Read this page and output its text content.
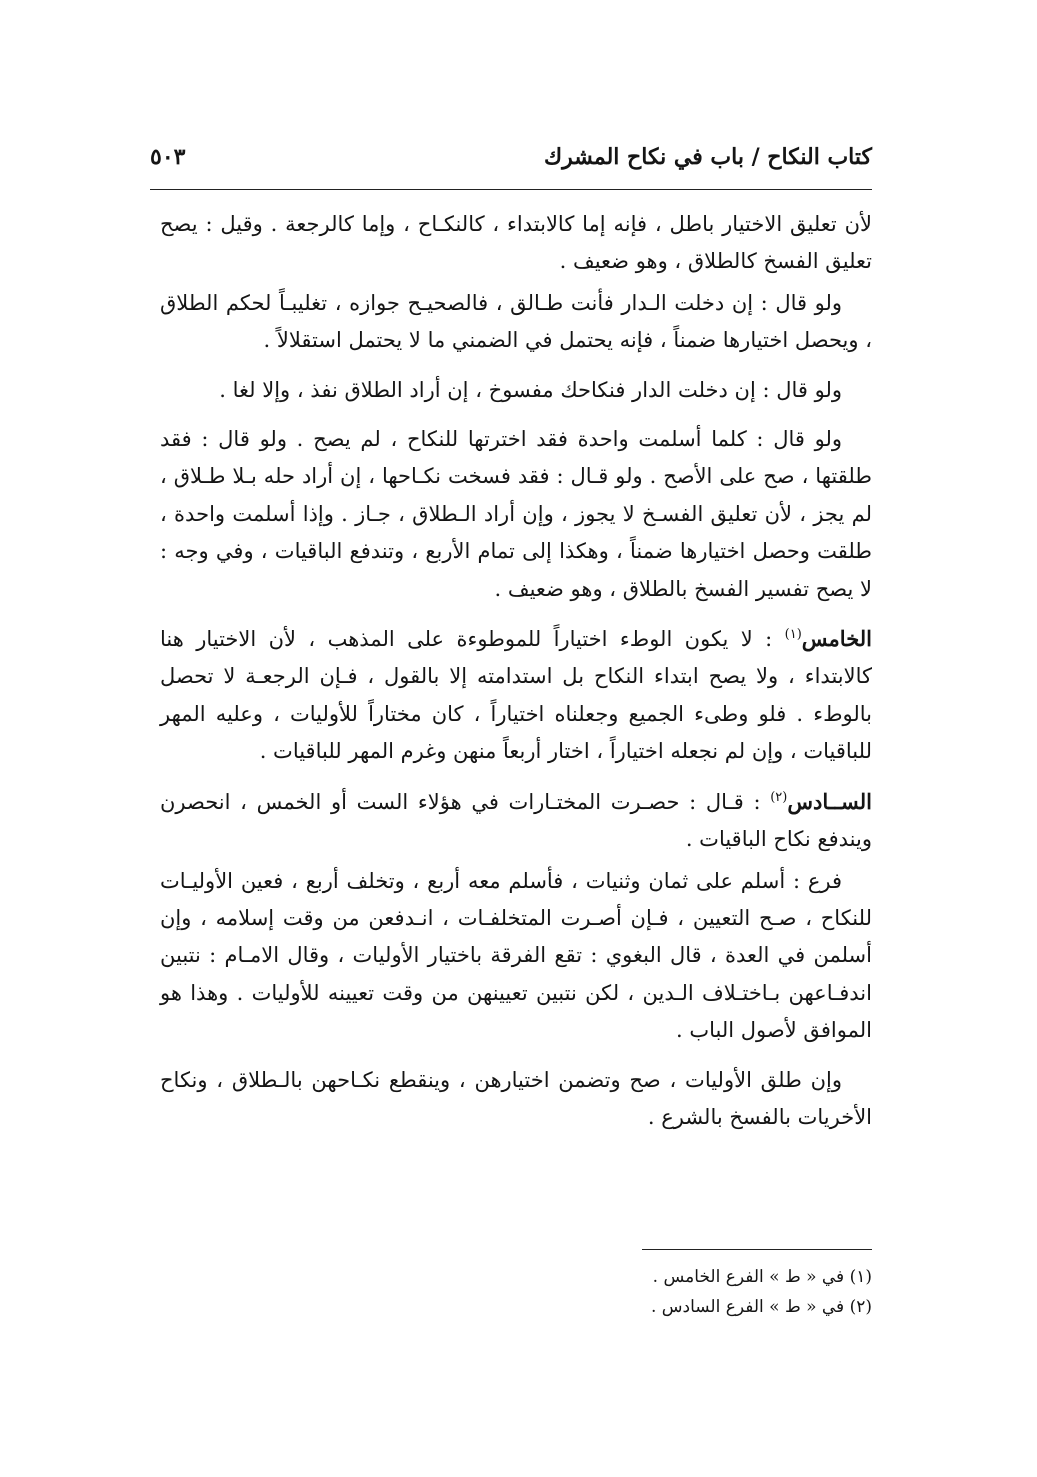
كتاب النكاح / باب في نكاح المشرك
٥٠٣

لأن تعليق الاختيار باطل ، فإنه إما كالابتداء ، كالنكـاح ، وإما كالرجعة . وقيل : يصح تعليق الفسخ كالطلاق ، وهو ضعيف .

ولو قال : إن دخلت الـدار فأنت طـالق ، فالصحيـح جوازه ، تغليبـاً لحكم الطلاق ، ويحصل اختيارها ضمناً ، فإنه يحتمل في الضمني ما لا يحتمل استقلالاً .

ولو قال : إن دخلت الدار فنكاحك مفسوخ ، إن أراد الطلاق نفذ ، وإلا لغا .

ولو قال : كلما أسلمت واحدة فقد اخترتها للنكاح ، لم يصح . ولو قال : فقد طلقتها ، صح على الأصح . ولو قـال : فقد فسخت نكـاحها ، إن أراد حله بـلا طـلاق ، لم يجز ، لأن تعليق الفسـخ لا يجوز ، وإن أراد الـطلاق ، جـاز . وإذا أسلمت واحدة ، طلقت وحصل اختيارها ضمناً ، وهكذا إلى تمام الأربع ، وتندفع الباقيات ، وفي وجه : لا يصح تفسير الفسخ بالطلاق ، وهو ضعيف .

الخامس$^{(١)}$ : لا يكون الوطء اختياراً للموطوءة على المذهب ، لأن الاختيار هنا كالابتداء ، ولا يصح ابتداء النكاح بل استدامته إلا بالقول ، فـإن الرجعـة لا تحصل بالوطء . فلو وطىء الجميع وجعلناه اختياراً ، كان مختاراً للأوليات ، وعليه المهر للباقيات ، وإن لم نجعله اختياراً ، اختار أربعاً منهن وغرم المهر للباقيات .

الســادس$^{(٢)}$ : قـال : حصـرت المختـارات في هؤلاء الست أو الخمس ، انحصرن ويندفع نكاح الباقيات .

فرع : أسلم على ثمان وثنيات ، فأسلم معه أربع ، وتخلف أربع ، فعين الأوليـات للنكاح ، صـح التعيين ، فـإن أصـرت المتخلفـات ، انـدفعن من وقت إسلامه ، وإن أسلمن في العدة ، قال البغوي : تقع الفرقة باختيار الأوليات ، وقال الامـام : نتبين اندفـاعهن بـاختـلاف الـدين ، لكن نتبين تعيينهن من وقت تعيينه للأوليات . وهذا هو الموافق لأصول الباب .

وإن طلق الأوليات ، صح وتضمن اختيارهن ، وينقطع نكـاحهن بالـطلاق ، ونكاح الأخريات بالفسخ بالشرع .

(١) في « ط » الفرع الخامس .
(٢) في « ط » الفرع السادس .
